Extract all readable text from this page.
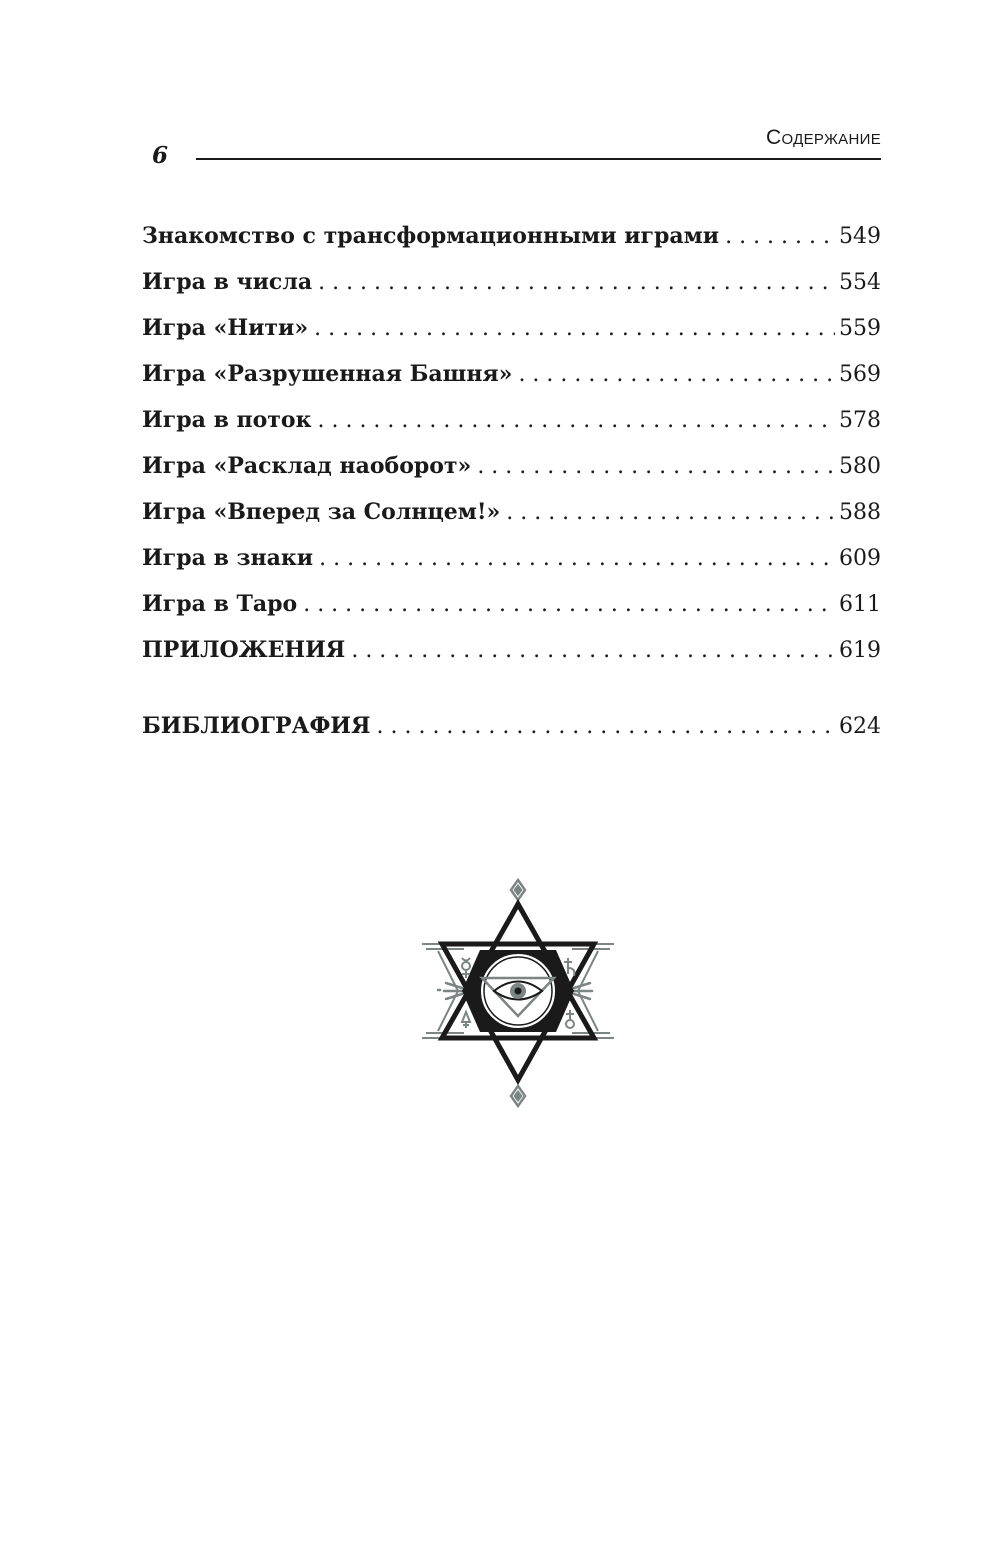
6
Содержание
Знакомство с трансформационными играми . . .	549
Игра в числа . . .	554
Игра «Нити» . . .	559
Игра «Разрушенная Башня» . . .	569
Игра в поток . . .	578
Игра «Расклад наоборот» . . .	580
Игра «Вперед за Солнцем!» . . .	588
Игра в знаки . . .	609
Игра в Таро . . .	611
ПРИЛОЖЕНИЯ . . .	619
БИБЛИОГРАФИЯ . . .	624
